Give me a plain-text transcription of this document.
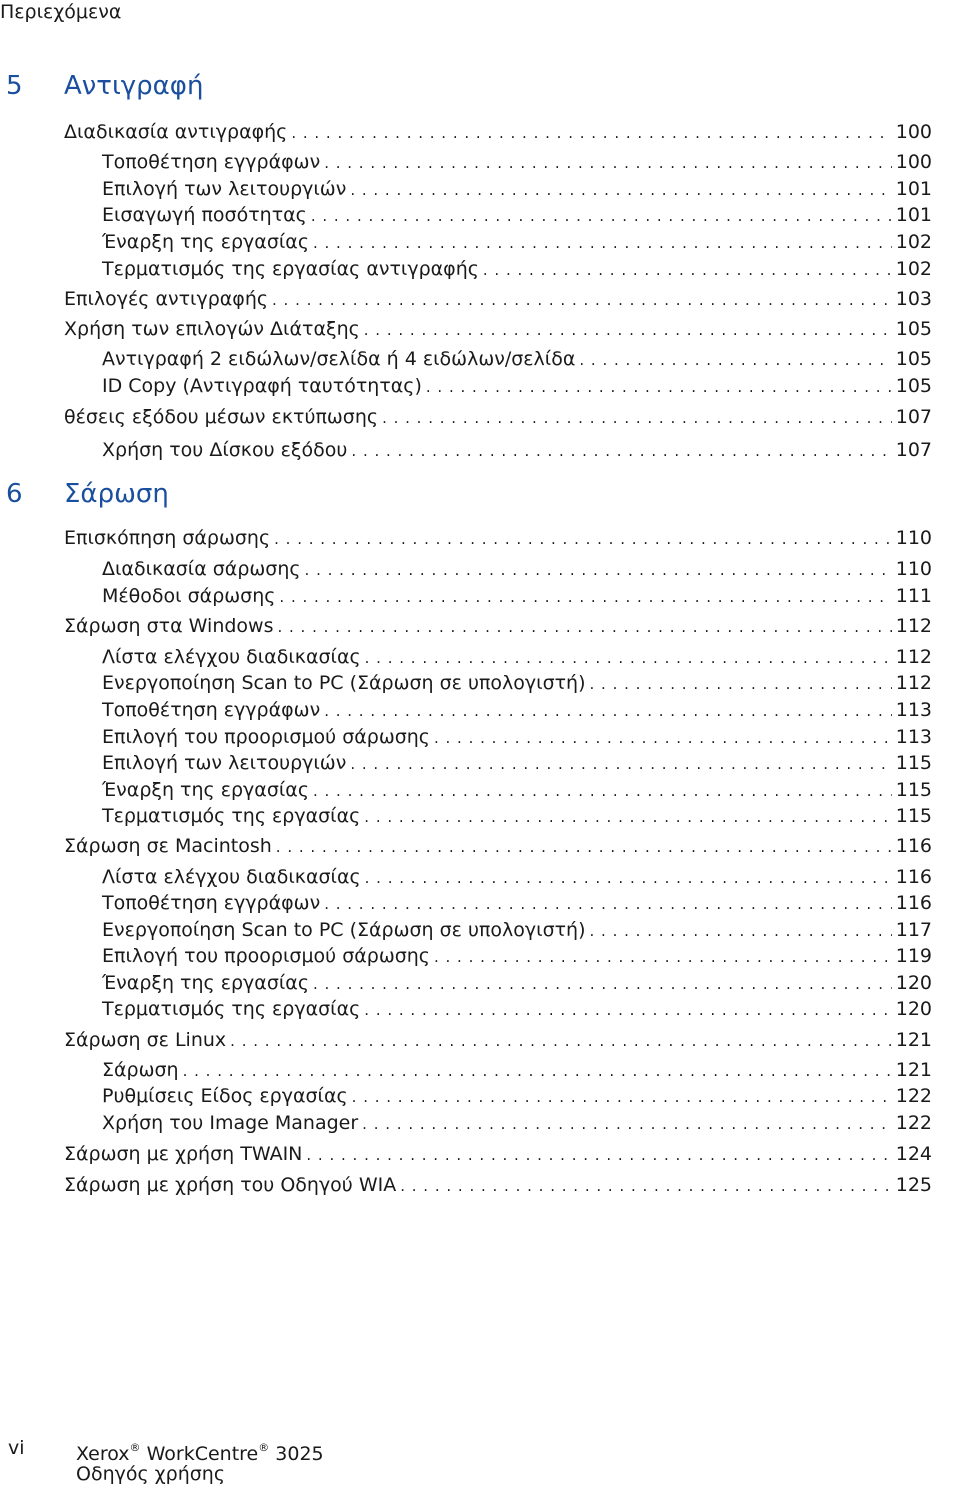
Περιεχόμενα
5	Αντιγραφή
6	Σάρωση
Διαδικασία αντιγραφής . . .	100
Τοποθέτηση εγγράφων . . .	100
Επιλογή των λειτουργιών . . .	101
Εισαγωγή ποσότητας . . .	101
Έναρξη της εργασίας . . .	102
Τερματισμός της εργασίας αντιγραφής . . .	102
Επιλογές αντιγραφής . . .	103
Χρήση των επιλογών Διάταξης . . .	105
Αντιγραφή 2 ειδώλων/σελίδα ή 4 ειδώλων/σελίδα . . .	105
ID Copy (Αντιγραφή ταυτότητας) . . .	105
θέσεις εξόδου μέσων εκτύπωσης . . .	107
Χρήση του Δίσκου εξόδου . . .	107
Επισκόπηση σάρωσης . . .	110
Διαδικασία σάρωσης . . .	110
Μέθοδοι σάρωσης . . .	111
Σάρωση στα Windows . . .	112
Λίστα ελέγχου διαδικασίας . . .	112
Ενεργοποίηση Scan to PC (Σάρωση σε υπολογιστή) . . .	112
Τοποθέτηση εγγράφων . . .	113
Επιλογή του προορισμού σάρωσης . . .	113
Επιλογή των λειτουργιών . . .	115
Έναρξη της εργασίας . . .	115
Τερματισμός της εργασίας . . .	115
Σάρωση σε Macintosh . . .	116
Λίστα ελέγχου διαδικασίας . . .	116
Τοποθέτηση εγγράφων . . .	116
Ενεργοποίηση Scan to PC (Σάρωση σε υπολογιστή) . . .	117
Επιλογή του προορισμού σάρωσης . . .	119
Έναρξη της εργασίας . . .	120
Τερματισμός της εργασίας . . .	120
Σάρωση σε Linux . . .	121
Σάρωση . . .	121
Ρυθμίσεις Είδος εργασίας . . .	122
Χρήση του Image Manager . . .	122
Σάρωση με χρήση TWAIN . . .	124
Σάρωση με χρήση του Οδηγού WIA . . .	125
vi	Xerox® WorkCentre® 3025
Οδηγός χρήσης
